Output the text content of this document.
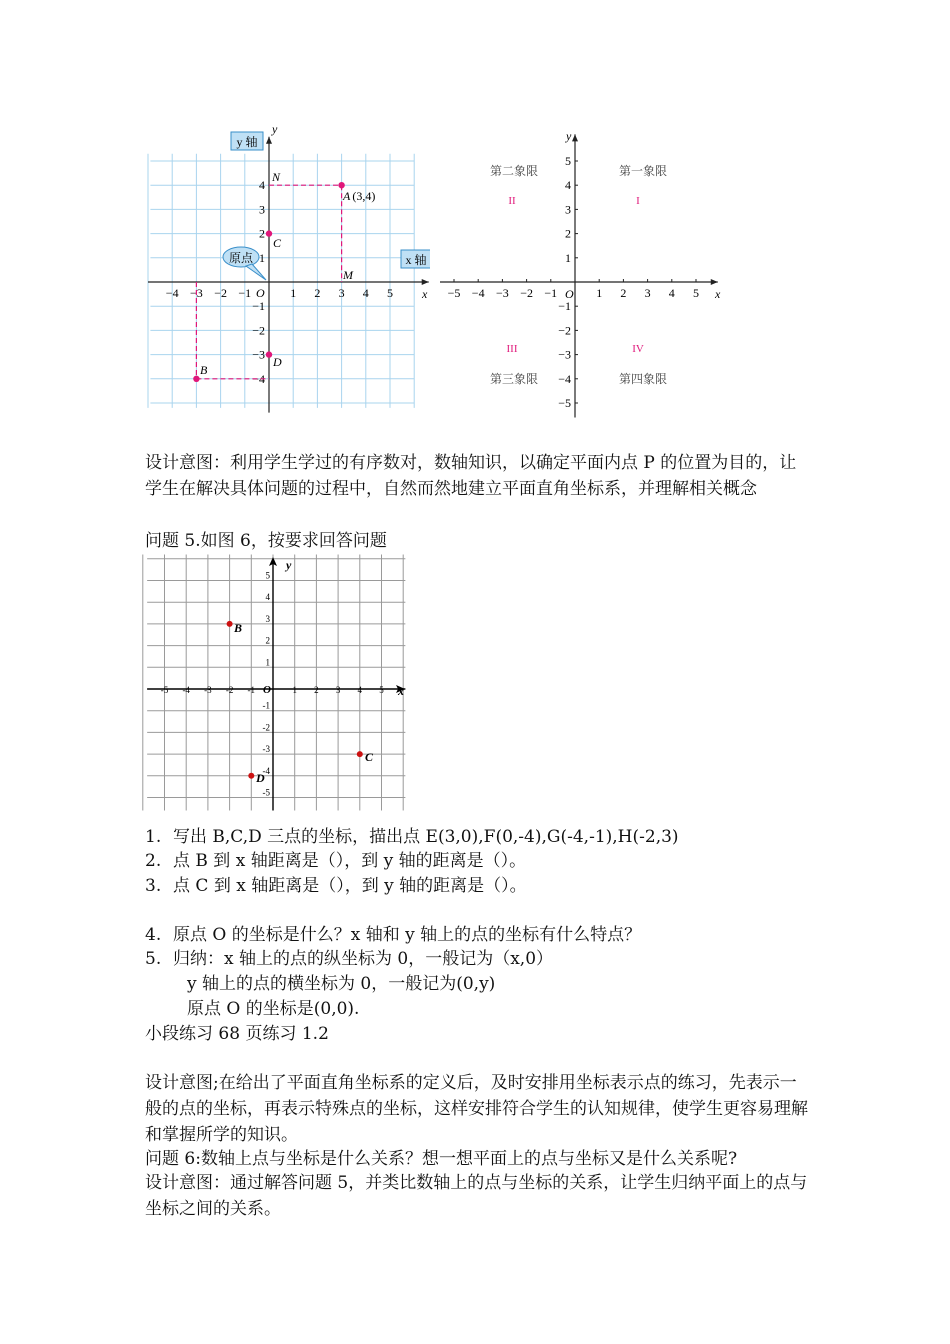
−4 −3 −2 −1	1 2 3 4 5
4
3
2
1
−1
−2
−3
−4
y 轴
x 轴
原点
y
x
O
N
M
A (3,4)
B
C
D
−5 −4 −3 −2 −1	1 2 3 4 5
5
4
3
2
1
−1
−2
−3
−4
−5
y
x
O
第二象限	第一象限
第三象限	第四象限
II	I
III	IV

设计意图：利用学生学过的有序数对，数轴知识，以确定平面内点 P 的位置为目的，让学生在解决具体问题的过程中，自然而然地建立平面直角坐标系，并理解相关概念

问题 5.如图 6，按要求回答问题
-5 -4 -3 -2 -1	1 2 3 4 5
5
4
3
2
1
-1
-2
-3
-4
-5
y
x
O
B
C
D
1. 写出 B,C,D 三点的坐标，描出点 E(3,0),F(0,-4),G(-4,-1),H(-2,3)
2. 点 B 到 x 轴距离是（），到 y 轴的距离是（）。
3. 点 C 到 x 轴距离是（），到 y 轴的距离是（）。
4. 原点 O 的坐标是什么？x 轴和 y 轴上的点的坐标有什么特点？
5. 归纳：x 轴上的点的纵坐标为 0，一般记为（x,0）
y 轴上的点的横坐标为 0，一般记为(0,y)
原点 O 的坐标是(0,0).
小段练习 68 页练习 1.2

设计意图;在给出了平面直角坐标系的定义后，及时安排用坐标表示点的练习，先表示一般的点的坐标，再表示特殊点的坐标，这样安排符合学生的认知规律，使学生更容易理解和掌握所学的知识。

问题 6:数轴上点与坐标是什么关系？想一想平面上的点与坐标又是什么关系呢?

设计意图：通过解答问题 5，并类比数轴上的点与坐标的关系，让学生归纳平面上的点与坐标之间的关系。
